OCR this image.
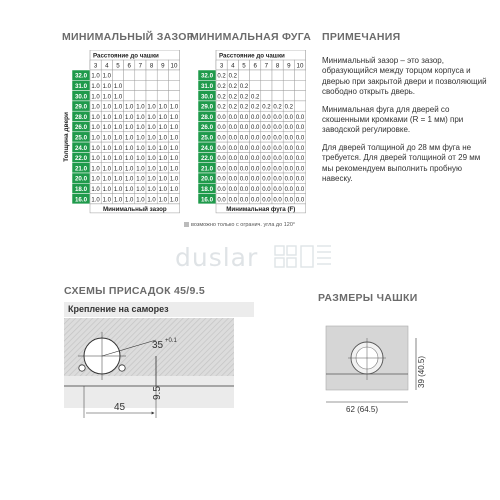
МИНИМАЛЬНЫЙ ЗАЗОР
МИНИМАЛЬНАЯ ФУГА ПРИМЕЧАНИЯ
СХЕМЫ ПРИСАДОК 45/9.5
РАЗМЕРЫ ЧАШКИ

Минимальный зазор – это зазор, образующийся между торцом корпуса и дверью при закрытой двери и позволяющий свободно открыть дверь.

Минимальная фуга для дверей со скошенными кромками (R = 1 мм) при заводской регулировке.

Для дверей толщиной до 28 мм фуга не требуется. Для дверей толщиной от 29 мм мы рекомендуем выполнить пробную навеску.

Расстояние до чашки
3 4 5 6 7 8 9 10
32.0 1.0 1.0
31.0 1.0 1.0 1.0
30.0 1.0 1.0 1.0
29.0 1.0 1.0 1.0 1.0 1.0 1.0 1.0 1.0
28.0 1.0 1.0 1.0 1.0 1.0 1.0 1.0 1.0
26.0 1.0 1.0 1.0 1.0 1.0 1.0 1.0 1.0
25.0 1.0 1.0 1.0 1.0 1.0 1.0 1.0 1.0
24.0 1.0 1.0 1.0 1.0 1.0 1.0 1.0 1.0
22.0 1.0 1.0 1.0 1.0 1.0 1.0 1.0 1.0
21.0 1.0 1.0 1.0 1.0 1.0 1.0 1.0 1.0
20.0 1.0 1.0 1.0 1.0 1.0 1.0 1.0 1.0
18.0 1.0 1.0 1.0 1.0 1.0 1.0 1.0 1.0
16.0 1.0 1.0 1.0 1.0 1.0 1.0 1.0 1.0
Минимальный зазор
Толщина двери
Расстояние до чашки
3 4 5 6 7 8 9 10
32.0 0.2 0.2
31.0 0.2 0.2 0.2
30.0 0.2 0.2 0.2 0.2
29.0 0.2 0.2 0.2 0.2 0.2 0.2 0.2
28.0 0.0 0.0 0.0 0.0 0.0 0.0 0.0 0.0
26.0 0.0 0.0 0.0 0.0 0.0 0.0 0.0 0.0
25.0 0.0 0.0 0.0 0.0 0.0 0.0 0.0 0.0
24.0 0.0 0.0 0.0 0.0 0.0 0.0 0.0 0.0
22.0 0.0 0.0 0.0 0.0 0.0 0.0 0.0 0.0
21.0 0.0 0.0 0.0 0.0 0.0 0.0 0.0 0.0
20.0 0.0 0.0 0.0 0.0 0.0 0.0 0.0 0.0
18.0 0.0 0.0 0.0 0.0 0.0 0.0 0.0 0.0
16.0 0.0 0.0 0.0 0.0 0.0 0.0 0.0 0.0
Минимальная фуга (F)
возможно только с огранич. угла до 120°
duslar
Крепление на саморез
35 +0.1
9.5
45
39 (40.5)
62 (64.5)
